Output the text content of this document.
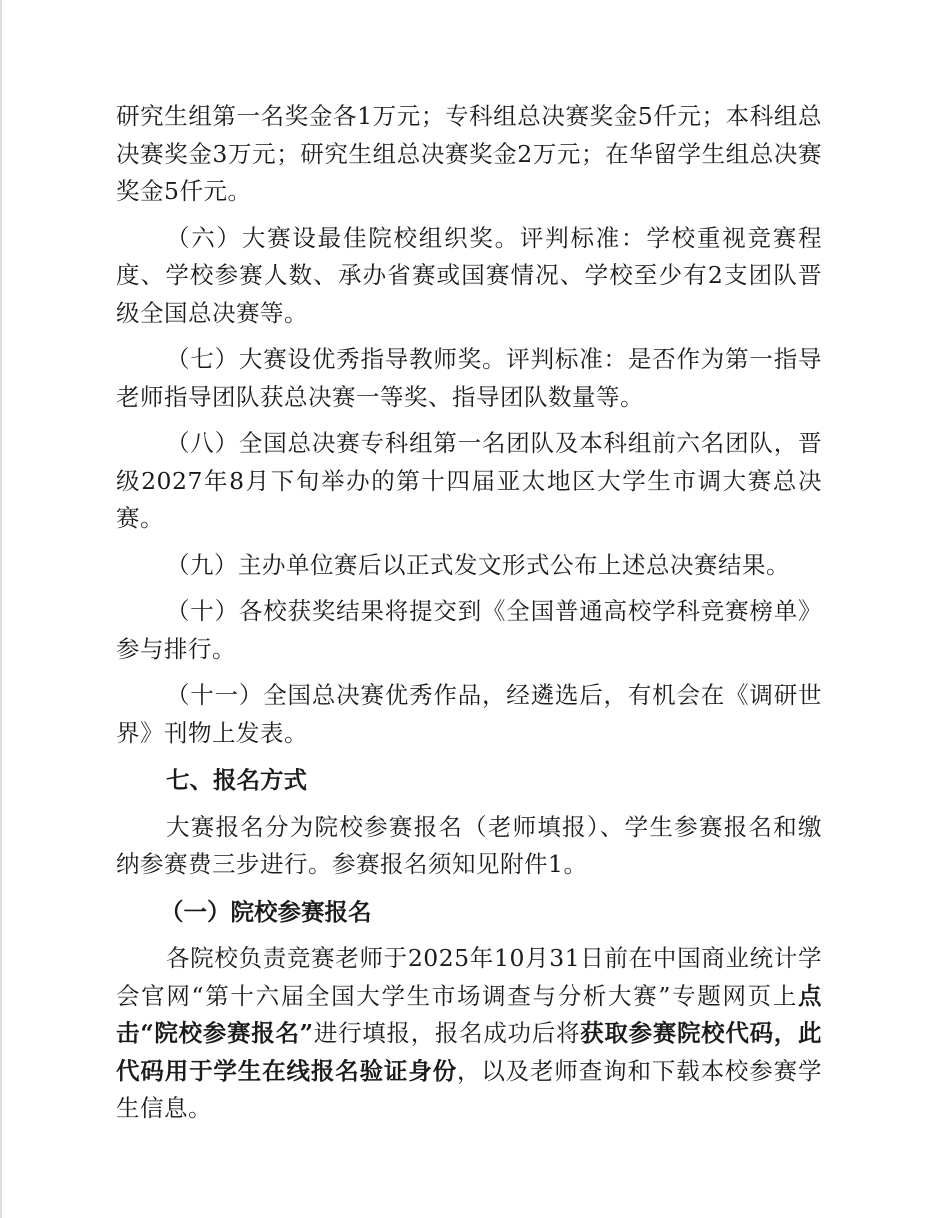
研究生组第一名奖金各1万元；专科组总决赛奖金5仟元；本科组总决赛奖金3万元；研究生组总决赛奖金2万元；在华留学生组总决赛奖金5仟元。

（六）大赛设最佳院校组织奖。评判标准：学校重视竞赛程度、学校参赛人数、承办省赛或国赛情况、学校至少有2支团队晋级全国总决赛等。

（七）大赛设优秀指导教师奖。评判标准：是否作为第一指导老师指导团队获总决赛一等奖、指导团队数量等。

（八）全国总决赛专科组第一名团队及本科组前六名团队，晋级2027年8月下旬举办的第十四届亚太地区大学生市调大赛总决赛。

（九）主办单位赛后以正式发文形式公布上述总决赛结果。

（十）各校获奖结果将提交到《全国普通高校学科竞赛榜单》参与排行。

（十一）全国总决赛优秀作品，经遴选后，有机会在《调研世界》刊物上发表。

七、报名方式

大赛报名分为院校参赛报名（老师填报）、学生参赛报名和缴纳参赛费三步进行。参赛报名须知见附件1。

（一）院校参赛报名

各院校负责竞赛老师于2025年10月31日前在中国商业统计学会官网“第十六届全国大学生市场调查与分析大赛”专题网页上点击“院校参赛报名”进行填报，报名成功后将获取参赛院校代码，此代码用于学生在线报名验证身份，以及老师查询和下载本校参赛学生信息。
